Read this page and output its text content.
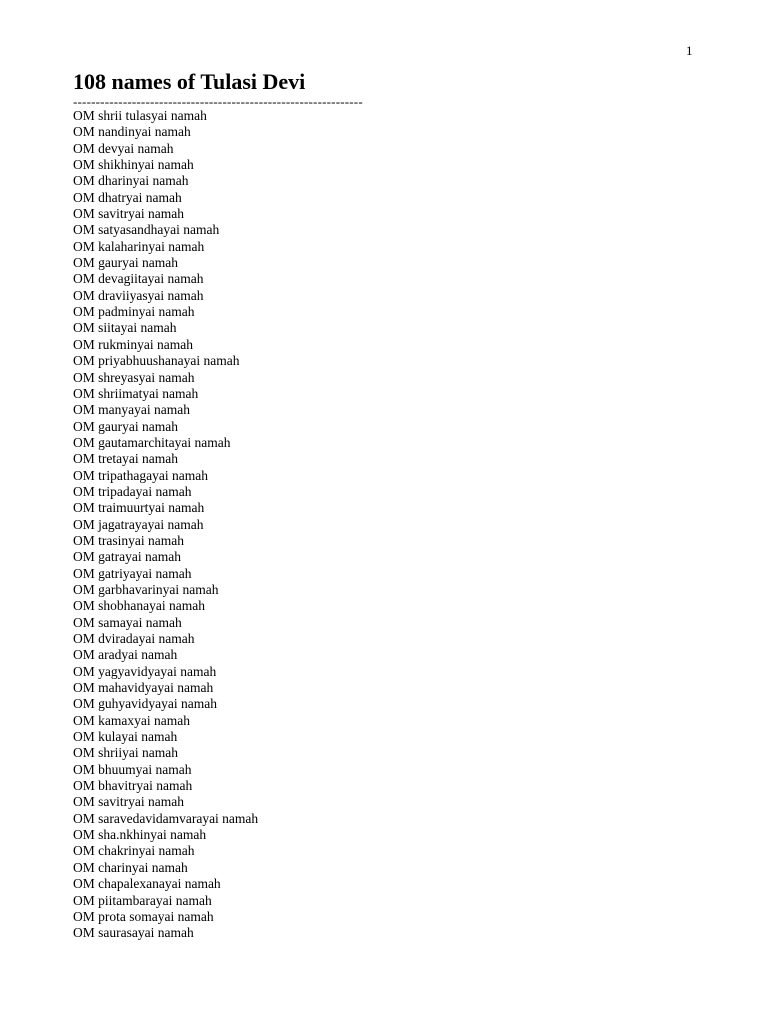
1
108 names of Tulasi Devi
----------------------------------------------------------------
OM shrii tulasyai namah
OM nandinyai namah
OM devyai namah
OM shikhinyai namah
OM dharinyai namah
OM dhatryai namah
OM savitryai namah
OM satyasandhayai namah
OM kalaharinyai namah
OM gauryai namah
OM devagiitayai namah
OM draviiyasyai namah
OM padminyai namah
OM siitayai namah
OM rukminyai namah
OM priyabhuushanayai namah
OM shreyasyai namah
OM shriimatyai namah
OM manyayai namah
OM gauryai namah
OM gautamarchitayai namah
OM tretayai namah
OM tripathagayai namah
OM tripadayai namah
OM traimuurtyai namah
OM jagatrayayai namah
OM trasinyai namah
OM gatrayai namah
OM gatriyayai namah
OM garbhavarinyai namah
OM shobhanayai namah
OM samayai namah
OM dviradayai namah
OM aradyai namah
OM yagyavidyayai namah
OM mahavidyayai namah
OM guhyavidyayai namah
OM kamaxyai namah
OM kulayai namah
OM shriiyai namah
OM bhuumyai namah
OM bhavitryai namah
OM savitryai namah
OM saravedavidamvarayai namah
OM sha.nkhinyai namah
OM chakrinyai namah
OM charinyai namah
OM chapalexanayai namah
OM piitambarayai namah
OM prota somayai namah
OM saurasayai namah
